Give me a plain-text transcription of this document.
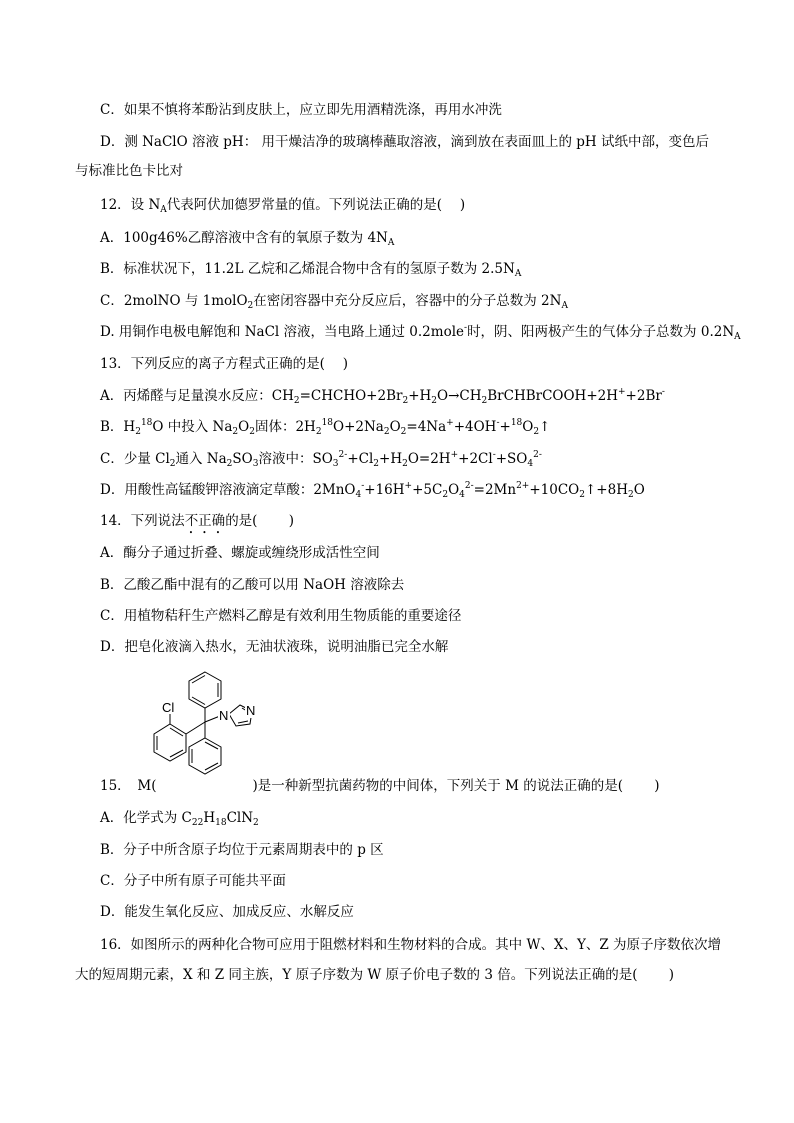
C．如果不慎将苯酚沾到皮肤上，应立即先用酒精洗涤，再用水冲洗
D．测 NaClO 溶液 pH： 用干燥洁净的玻璃棒蘸取溶液，滴到放在表面皿上的 pH 试纸中部，变色后
与标准比色卡比对
12．设 $N_A$代表阿伏加德罗常量的值。下列说法正确的是(　 )
A．100g46%乙醇溶液中含有的氧原子数为 $4N_A$
B．标准状况下，11.2L 乙烷和乙烯混合物中含有的氢原子数为 $2.5N_A$
C．2molNO 与 1molO$_2$在密闭容器中充分反应后，容器中的分子总数为 $2N_A$
D. 用铜作电极电解饱和 NaCl 溶液，当电路上通过 0.2mole-时，阴、阳两极产生的气体分子总数为 $0.2N_A$
13．下列反应的离子方程式正确的是(　 )
A．丙烯醛与足量溴水反应：$CH_2=CHCHO+2Br_2+H_2O\to CH_2BrCHBrCOOH+2H^++2Br^-$
B．$H_2^{18}O$ 中投入 $Na_2O_2$固体：$2H_2^{18}O+2Na_2O_2=4Na^++4OH^-+^{18}O_2↑$
C．少量 $Cl_2$通入 $Na_2SO_3$溶液中：$SO_3^{2-}+Cl_2+H_2O=2H^++2Cl^-+SO_4^{2-}$
D．用酸性高锰酸钾溶液滴定草酸：$2MnO_4^-+16H^++5C_2O_4^{2-}=2Mn^{2+}+10CO_2↑+8H_2O$
14．下列说法不正确的是(　 　)
A．酶分子通过折叠、螺旋或缠绕形成活性空间
B．乙酸乙酯中混有的乙酸可以用 NaOH 溶液除去
C．用植物秸秆生产燃料乙醇是有效利用生物质能的重要途径
D．把皂化液滴入热水，无油状液珠，说明油脂已完全水解
Cl
N N
15．　M(	)是一种新型抗菌药物的中间体，下列关于 M 的说法正确的是(　 　)
A．化学式为 $C_{22}H_{18}ClN_2$
B．分子中所含原子均位于元素周期表中的 p 区
C．分子中所有原子可能共平面
D．能发生氧化反应、加成反应、水解反应
16．如图所示的两种化合物可应用于阻燃材料和生物材料的合成。其中 W、X、Y、Z 为原子序数依次增
大的短周期元素，X 和 Z 同主族，Y 原子序数为 W 原子价电子数的 3 倍。下列说法正确的是(　 　)
